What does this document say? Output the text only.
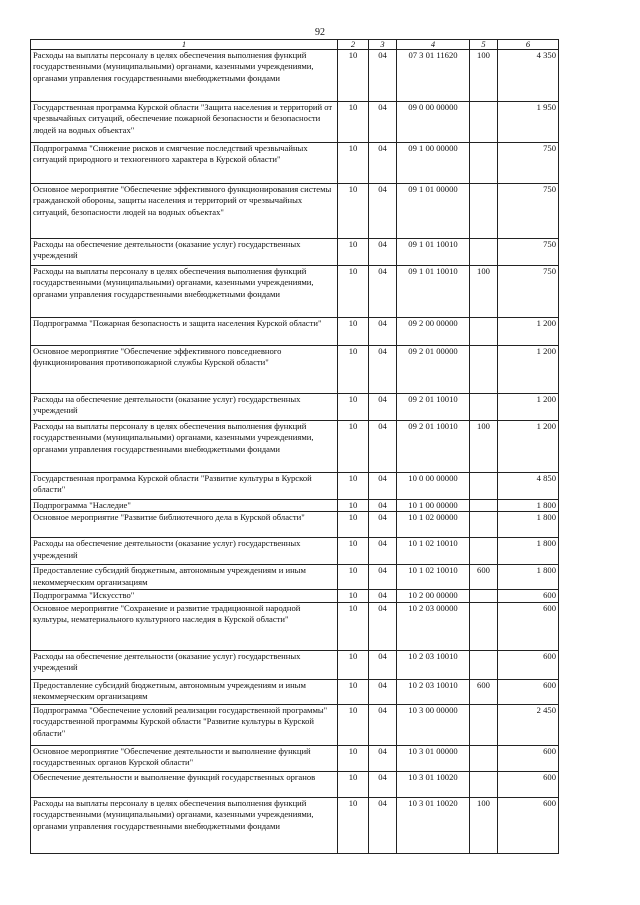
92
1	2	3	4	5	6
Расходы на выплаты персоналу в целях обеспечения выполнения функций государственными (муниципальными) органами, казенными учреждениями, органами управления государственными внебюджетными фондами	10	04	07 3 01 11620	100	4 350
Государственная программа Курской области "Защита населения и территорий от чрезвычайных ситуаций, обеспечение пожарной безопасности и безопасности людей на водных объектах"	10	04	09 0 00 00000		1 950
Подпрограмма "Снижение рисков и смягчение последствий чрезвычайных ситуаций природного и техногенного характера в Курской области"	10	04	09 1 00 00000		750
Основное мероприятие "Обеспечение эффективного функционирования системы гражданской обороны, защиты населения и территорий от чрезвычайных ситуаций, безопасности людей на водных объектах"	10	04	09 1 01 00000		750
Расходы на обеспечение деятельности (оказание услуг) государственных учреждений	10	04	09 1 01 10010		750
Расходы на выплаты персоналу в целях обеспечения выполнения функций государственными (муниципальными) органами, казенными учреждениями, органами управления государственными внебюджетными фондами	10	04	09 1 01 10010	100	750
Подпрограмма "Пожарная безопасность и защита населения Курской области"	10	04	09 2 00 00000		1 200
Основное мероприятие "Обеспечение эффективного повседневного функционирования противопожарной службы Курской области"	10	04	09 2 01 00000		1 200
Расходы на обеспечение деятельности (оказание услуг) государственных учреждений	10	04	09 2 01 10010		1 200
Расходы на выплаты персоналу в целях обеспечения выполнения функций государственными (муниципальными) органами, казенными учреждениями, органами управления государственными внебюджетными фондами	10	04	09 2 01 10010	100	1 200
Государственная программа Курской области "Развитие культуры в Курской области"	10	04	10 0 00 00000		4 850
Подпрограмма "Наследие"	10	04	10 1 00 00000		1 800
Основное мероприятие "Развитие библиотечного дела в Курской области"	10	04	10 1 02 00000		1 800
Расходы на обеспечение деятельности (оказание услуг) государственных учреждений	10	04	10 1 02 10010		1 800
Предоставление субсидий бюджетным, автономным учреждениям и иным некоммерческим организациям	10	04	10 1 02 10010	600	1 800
Подпрограмма "Искусство"	10	04	10 2 00 00000		600
Основное мероприятие "Сохранение и развитие традиционной народной культуры, нематериального культурного наследия в Курской области"	10	04	10 2 03 00000		600
Расходы на обеспечение деятельности (оказание услуг) государственных учреждений	10	04	10 2 03 10010		600
Предоставление субсидий бюджетным, автономным учреждениям и иным некоммерческим организациям	10	04	10 2 03 10010	600	600
Подпрограмма "Обеспечение условий реализации государственной программы" государственной программы Курской области "Развитие культуры в Курской области"	10	04	10 3 00 00000		2 450
Основное мероприятие "Обеспечение деятельности и выполнение функций государственных органов Курской области"	10	04	10 3 01 00000		600
Обеспечение деятельности и выполнение функций государственных органов	10	04	10 3 01 10020		600
Расходы на выплаты персоналу в целях обеспечения выполнения функций государственными (муниципальными) органами, казенными учреждениями, органами управления государственными внебюджетными фондами	10	04	10 3 01 10020	100	600
